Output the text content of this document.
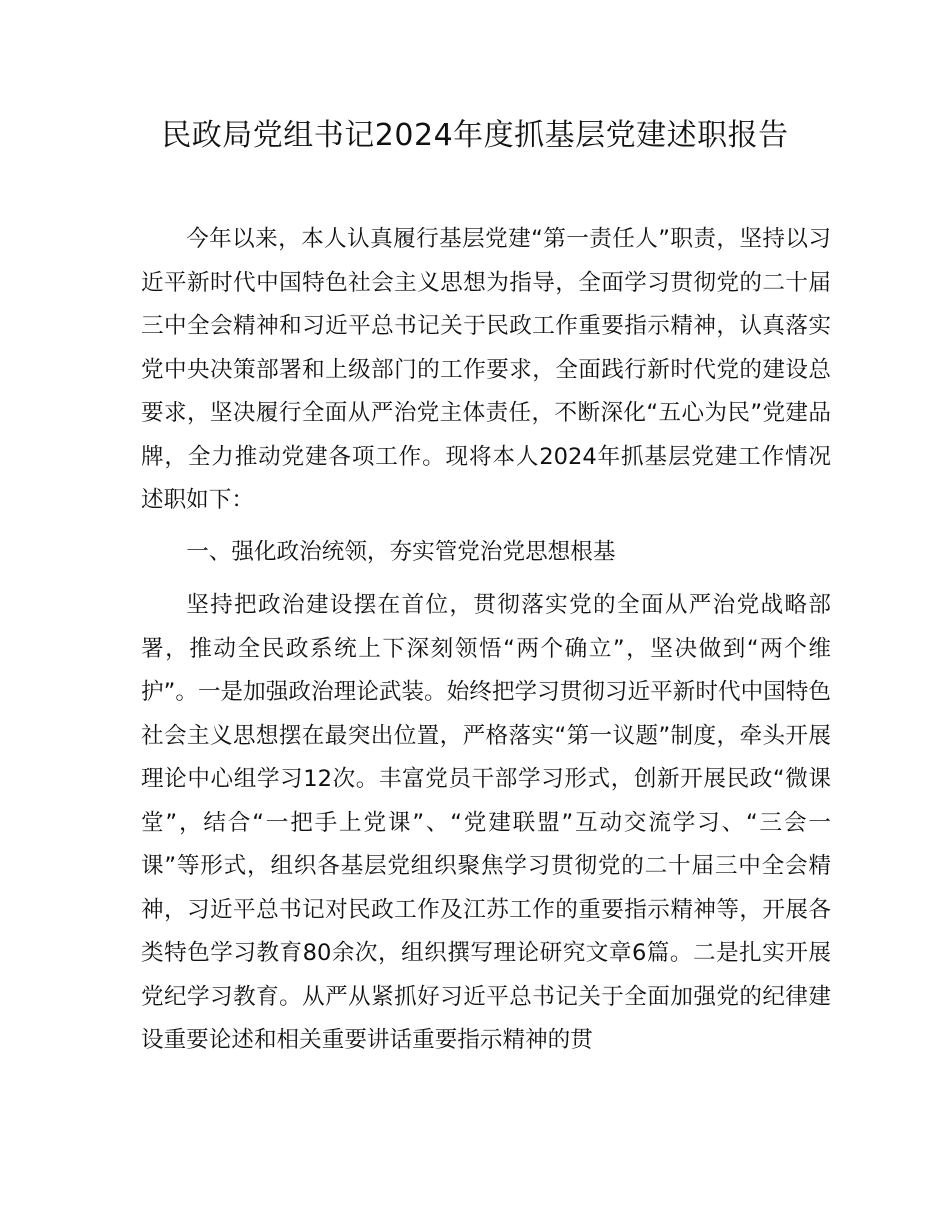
民政局党组书记2024年度抓基层党建述职报告

今年以来，本人认真履行基层党建“第一责任人”职责，坚持以习近平新时代中国特色社会主义思想为指导，全面学习贯彻党的二十届三中全会精神和习近平总书记关于民政工作重要指示精神，认真落实党中央决策部署和上级部门的工作要求，全面践行新时代党的建设总要求，坚决履行全面从严治党主体责任，不断深化“五心为民”党建品牌，全力推动党建各项工作。现将本人2024年抓基层党建工作情况述职如下：

一、强化政治统领，夯实管党治党思想根基

坚持把政治建设摆在首位，贯彻落实党的全面从严治党战略部署，推动全民政系统上下深刻领悟“两个确立”，坚决做到“两个维护”。一是加强政治理论武装。始终把学习贯彻习近平新时代中国特色社会主义思想摆在最突出位置，严格落实“第一议题”制度，牵头开展理论中心组学习12次。丰富党员干部学习形式，创新开展民政“微课堂”，结合“一把手上党课”、“党建联盟”互动交流学习、“三会一课”等形式，组织各基层党组织聚焦学习贯彻党的二十届三中全会精神，习近平总书记对民政工作及江苏工作的重要指示精神等，开展各类特色学习教育80余次，组织撰写理论研究文章6篇。二是扎实开展党纪学习教育。从严从紧抓好习近平总书记关于全面加强党的纪律建设重要论述和相关重要讲话重要指示精神的贯
